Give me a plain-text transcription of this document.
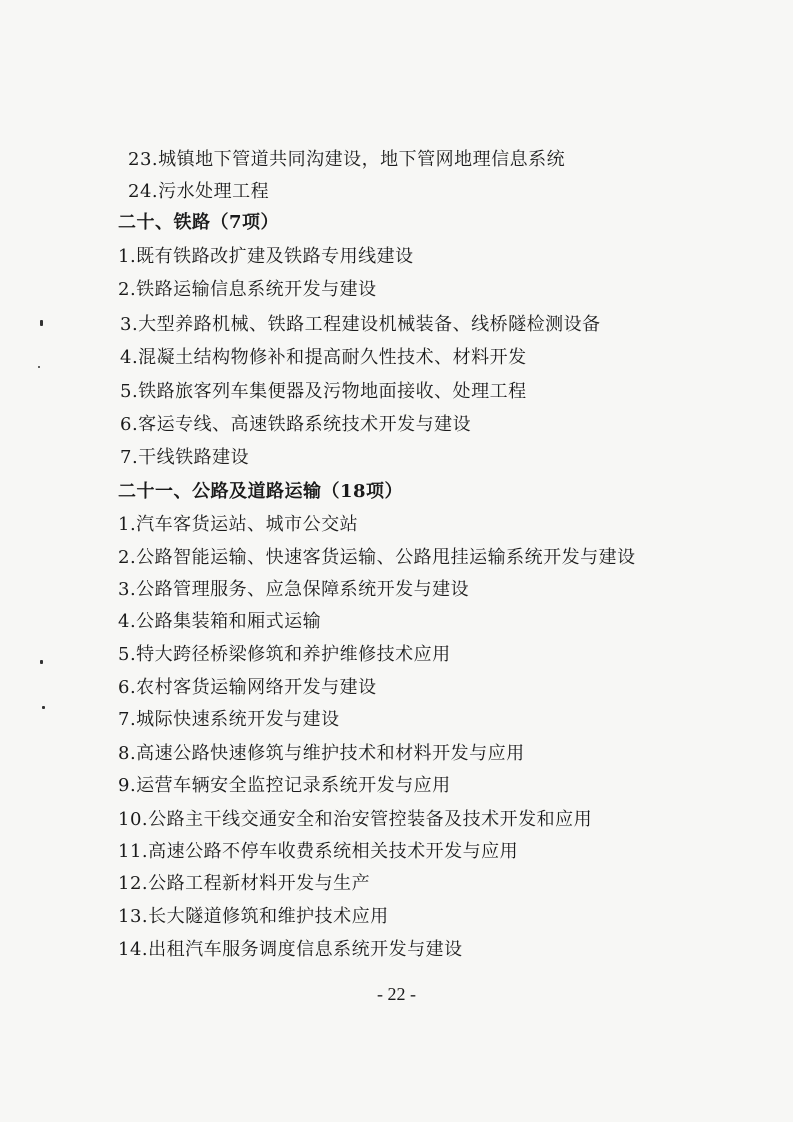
23.城镇地下管道共同沟建设，地下管网地理信息系统
24.污水处理工程
二十、铁路（7项）
1.既有铁路改扩建及铁路专用线建设
2.铁路运输信息系统开发与建设
3.大型养路机械、铁路工程建设机械装备、线桥隧检测设备
4.混凝土结构物修补和提高耐久性技术、材料开发
5.铁路旅客列车集便器及污物地面接收、处理工程
6.客运专线、高速铁路系统技术开发与建设
7.干线铁路建设
二十一、公路及道路运输（18项）
1.汽车客货运站、城市公交站
2.公路智能运输、快速客货运输、公路甩挂运输系统开发与建设
3.公路管理服务、应急保障系统开发与建设
4.公路集装箱和厢式运输
5.特大跨径桥梁修筑和养护维修技术应用
6.农村客货运输网络开发与建设
7.城际快速系统开发与建设
8.高速公路快速修筑与维护技术和材料开发与应用
9.运营车辆安全监控记录系统开发与应用
10.公路主干线交通安全和治安管控装备及技术开发和应用
11.高速公路不停车收费系统相关技术开发与应用
12.公路工程新材料开发与生产
13.长大隧道修筑和维护技术应用
14.出租汽车服务调度信息系统开发与建设
- 22 -
